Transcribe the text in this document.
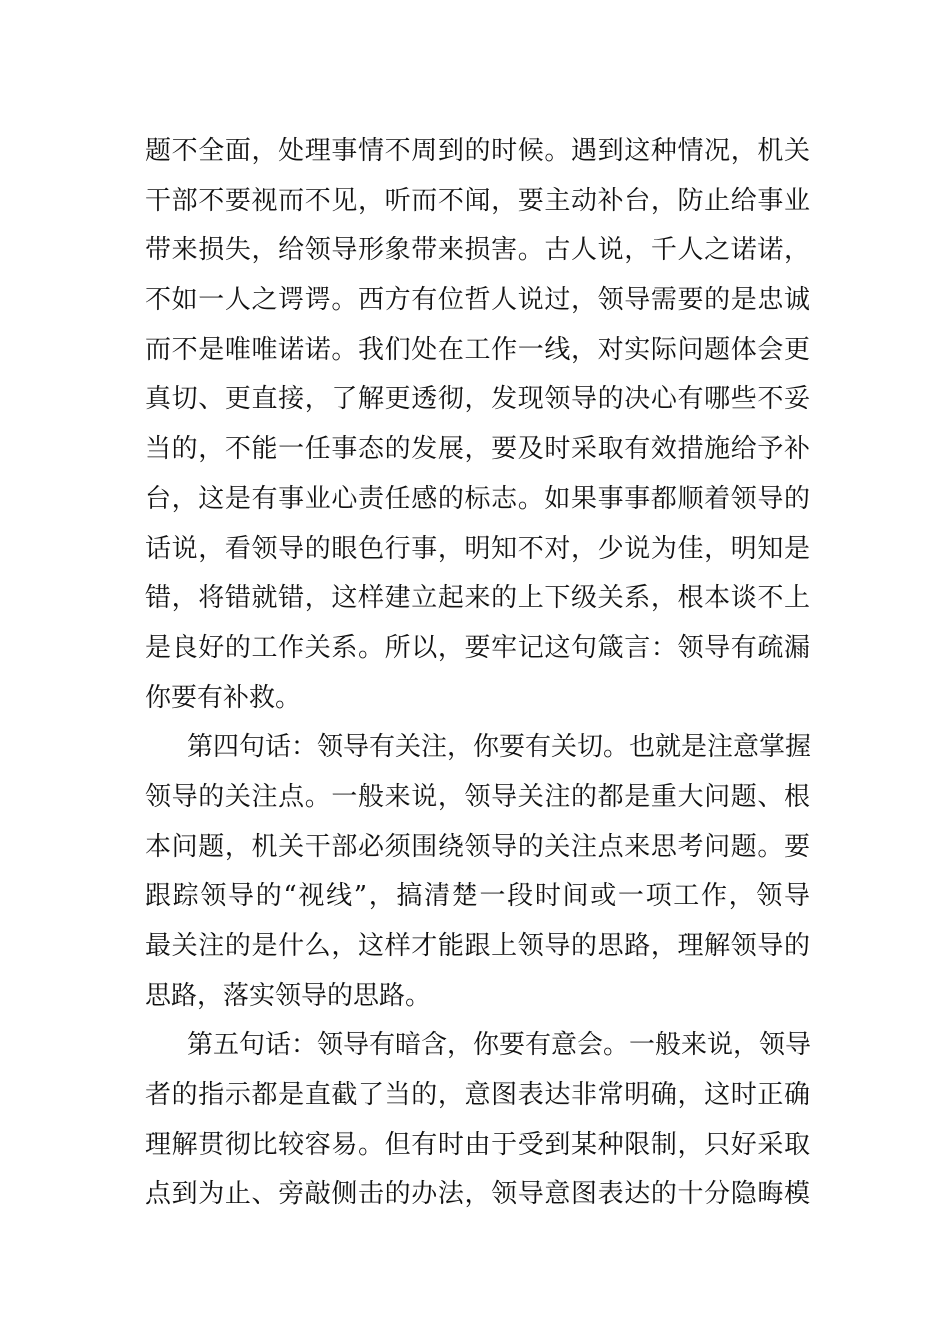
题不全面，处理事情不周到的时候。遇到这种情况，机关
干部不要视而不见，听而不闻，要主动补台，防止给事业
带来损失，给领导形象带来损害。古人说，千人之诺诺，
不如一人之谔谔。西方有位哲人说过，领导需要的是忠诚
而不是唯唯诺诺。我们处在工作一线，对实际问题体会更
真切、更直接，了解更透彻，发现领导的决心有哪些不妥
当的，不能一任事态的发展，要及时采取有效措施给予补
台，这是有事业心责任感的标志。如果事事都顺着领导的
话说，看领导的眼色行事，明知不对，少说为佳，明知是
错，将错就错，这样建立起来的上下级关系，根本谈不上
是良好的工作关系。所以，要牢记这句箴言：领导有疏漏
你要有补救。
第四句话：领导有关注，你要有关切。也就是注意掌握
领导的关注点。一般来说，领导关注的都是重大问题、根
本问题，机关干部必须围绕领导的关注点来思考问题。要
跟踪领导的“视线”，搞清楚一段时间或一项工作，领导
最关注的是什么，这样才能跟上领导的思路，理解领导的
思路，落实领导的思路。
第五句话：领导有暗含，你要有意会。一般来说，领导
者的指示都是直截了当的，意图表达非常明确，这时正确
理解贯彻比较容易。但有时由于受到某种限制，只好采取
点到为止、旁敲侧击的办法，领导意图表达的十分隐晦模
